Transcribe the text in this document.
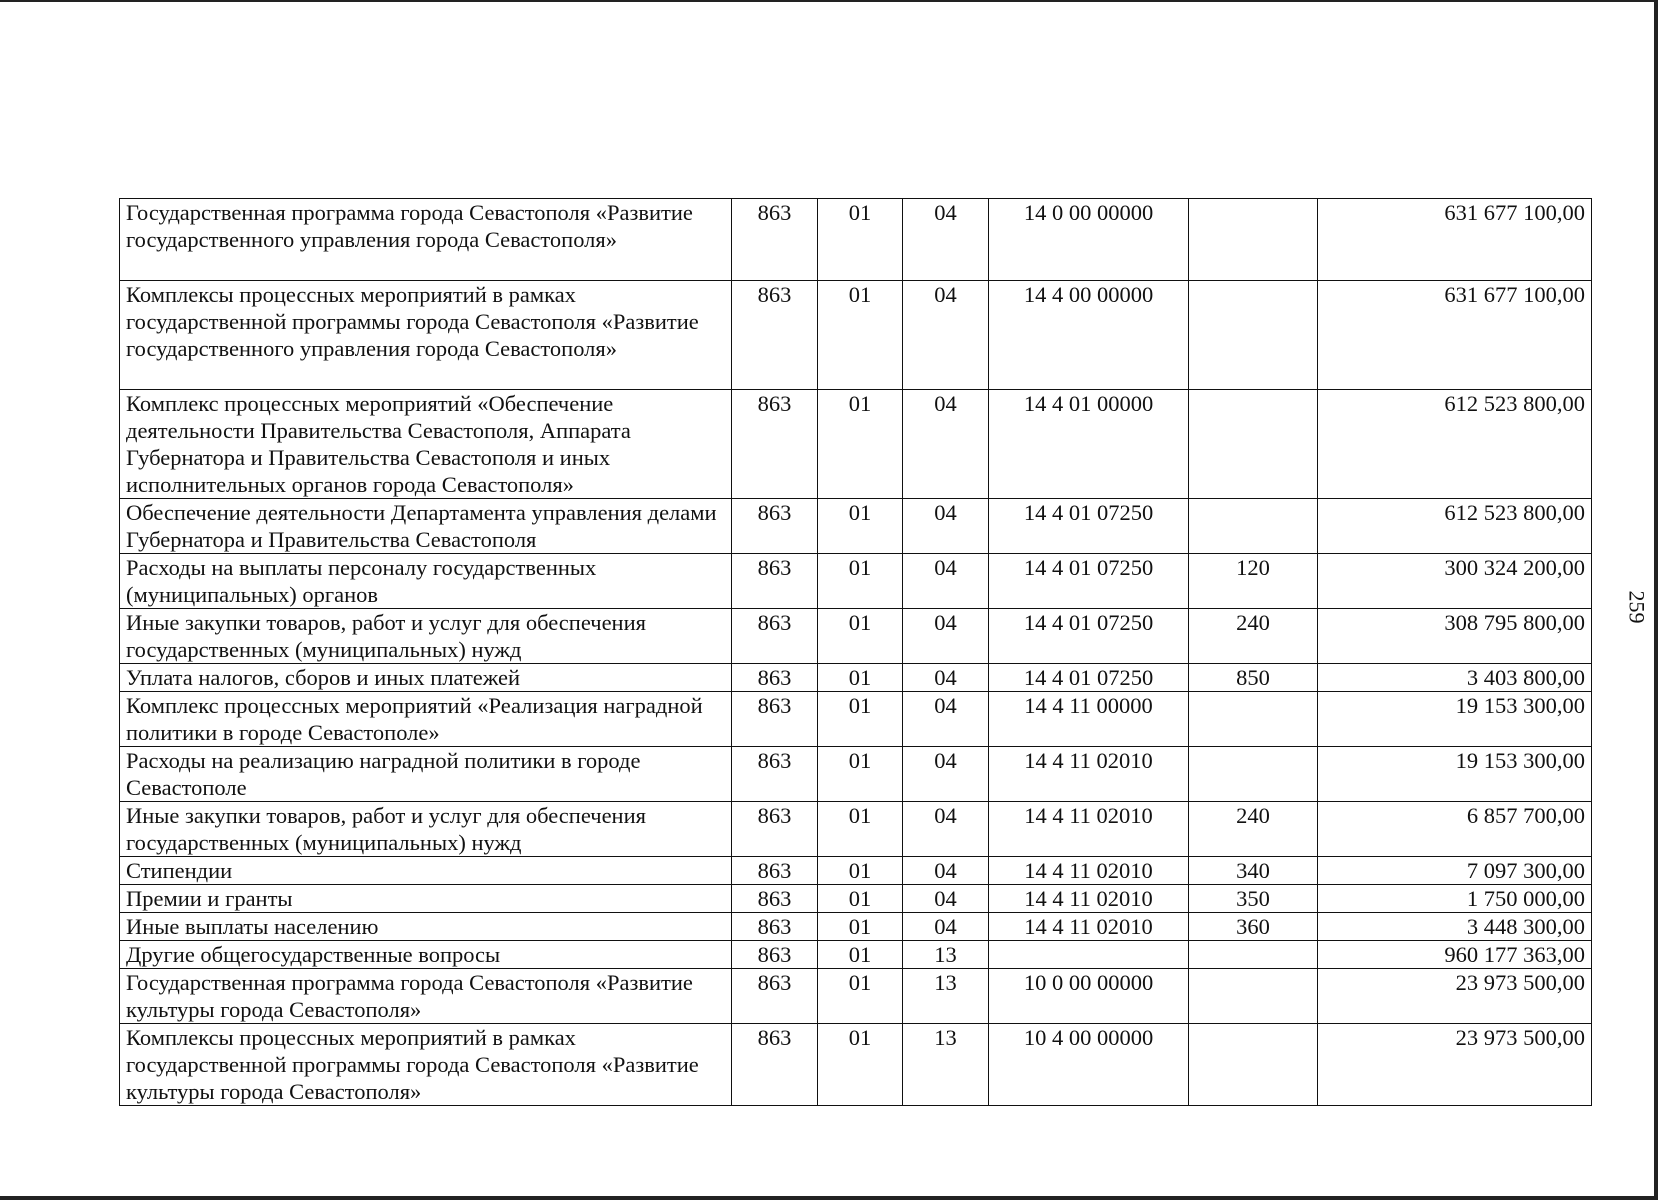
259
Государственная программа города Севастополя «Развитие государственного управления города Севастополя»	863	01	04	14 0 00 00000		631 677 100,00
Комплексы процессных мероприятий в рамках государственной программы города Севастополя «Развитие государственного управления города Севастополя»	863	01	04	14 4 00 00000		631 677 100,00
Комплекс процессных мероприятий «Обеспечение деятельности Правительства Севастополя, Аппарата Губернатора и Правительства Севастополя и иных исполнительных органов города Севастополя»	863	01	04	14 4 01 00000		612 523 800,00
Обеспечение деятельности Департамента управления делами Губернатора и Правительства Севастополя	863	01	04	14 4 01 07250		612 523 800,00
Расходы на выплаты персоналу государственных (муниципальных) органов	863	01	04	14 4 01 07250	120	300 324 200,00
Иные закупки товаров, работ и услуг для обеспечения государственных (муниципальных) нужд	863	01	04	14 4 01 07250	240	308 795 800,00
Уплата налогов, сборов и иных платежей	863	01	04	14 4 01 07250	850	3 403 800,00
Комплекс процессных мероприятий «Реализация наградной политики в городе Севастополе»	863	01	04	14 4 11 00000		19 153 300,00
Расходы на реализацию наградной политики в городе Севастополе	863	01	04	14 4 11 02010		19 153 300,00
Иные закупки товаров, работ и услуг для обеспечения государственных (муниципальных) нужд	863	01	04	14 4 11 02010	240	6 857 700,00
Стипендии	863	01	04	14 4 11 02010	340	7 097 300,00
Премии и гранты	863	01	04	14 4 11 02010	350	1 750 000,00
Иные выплаты населению	863	01	04	14 4 11 02010	360	3 448 300,00
Другие общегосударственные вопросы	863	01	13			960 177 363,00
Государственная программа города Севастополя «Развитие культуры города Севастополя»	863	01	13	10 0 00 00000		23 973 500,00
Комплексы процессных мероприятий в рамках государственной программы города Севастополя «Развитие культуры города Севастополя»	863	01	13	10 4 00 00000		23 973 500,00
